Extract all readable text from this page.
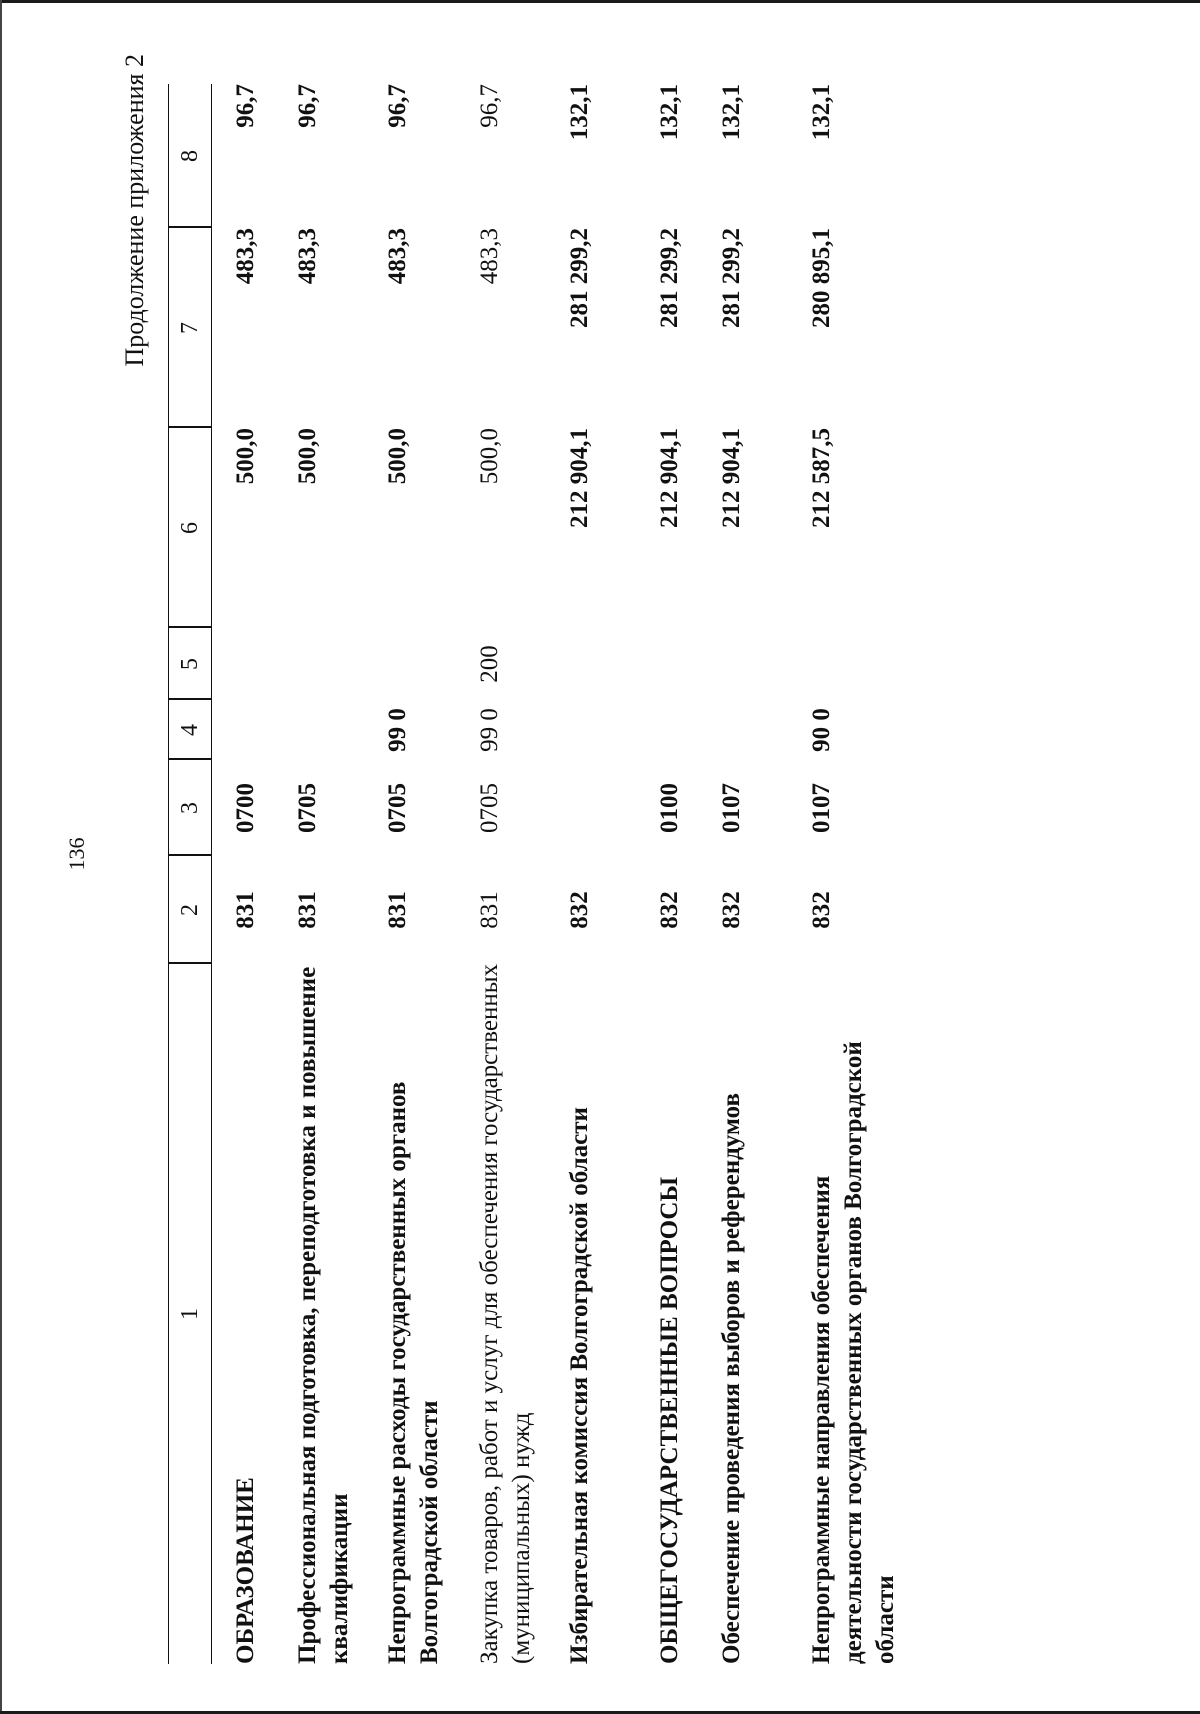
136
Продолжение приложения 2
1
2
3
4
5
6
7
8
ОБРАЗОВАНИЕ
831
0700
500,0
483,3
96,7
Профессиональная подготовка, переподготовка и повышение квалификации
831
0705
500,0
483,3
96,7
Непрограммные расходы государственных органов Волгоградской области
831
0705
99 0
500,0
483,3
96,7
Закупка товаров, работ и услуг для обеспечения государственных (муниципальных) нужд
831
0705
99 0
200
500,0
483,3
96,7
Избирательная комиссия Волгоградской области
832
212 904,1
281 299,2
132,1
ОБЩЕГОСУДАРСТВЕННЫЕ ВОПРОСЫ
832
0100
212 904,1
281 299,2
132,1
Обеспечение проведения выборов и референдумов
832
0107
212 904,1
281 299,2
132,1
Непрограммные направления обеспечения деятельности государственных органов Волгоградской области
832
0107
90 0
212 587,5
280 895,1
132,1
